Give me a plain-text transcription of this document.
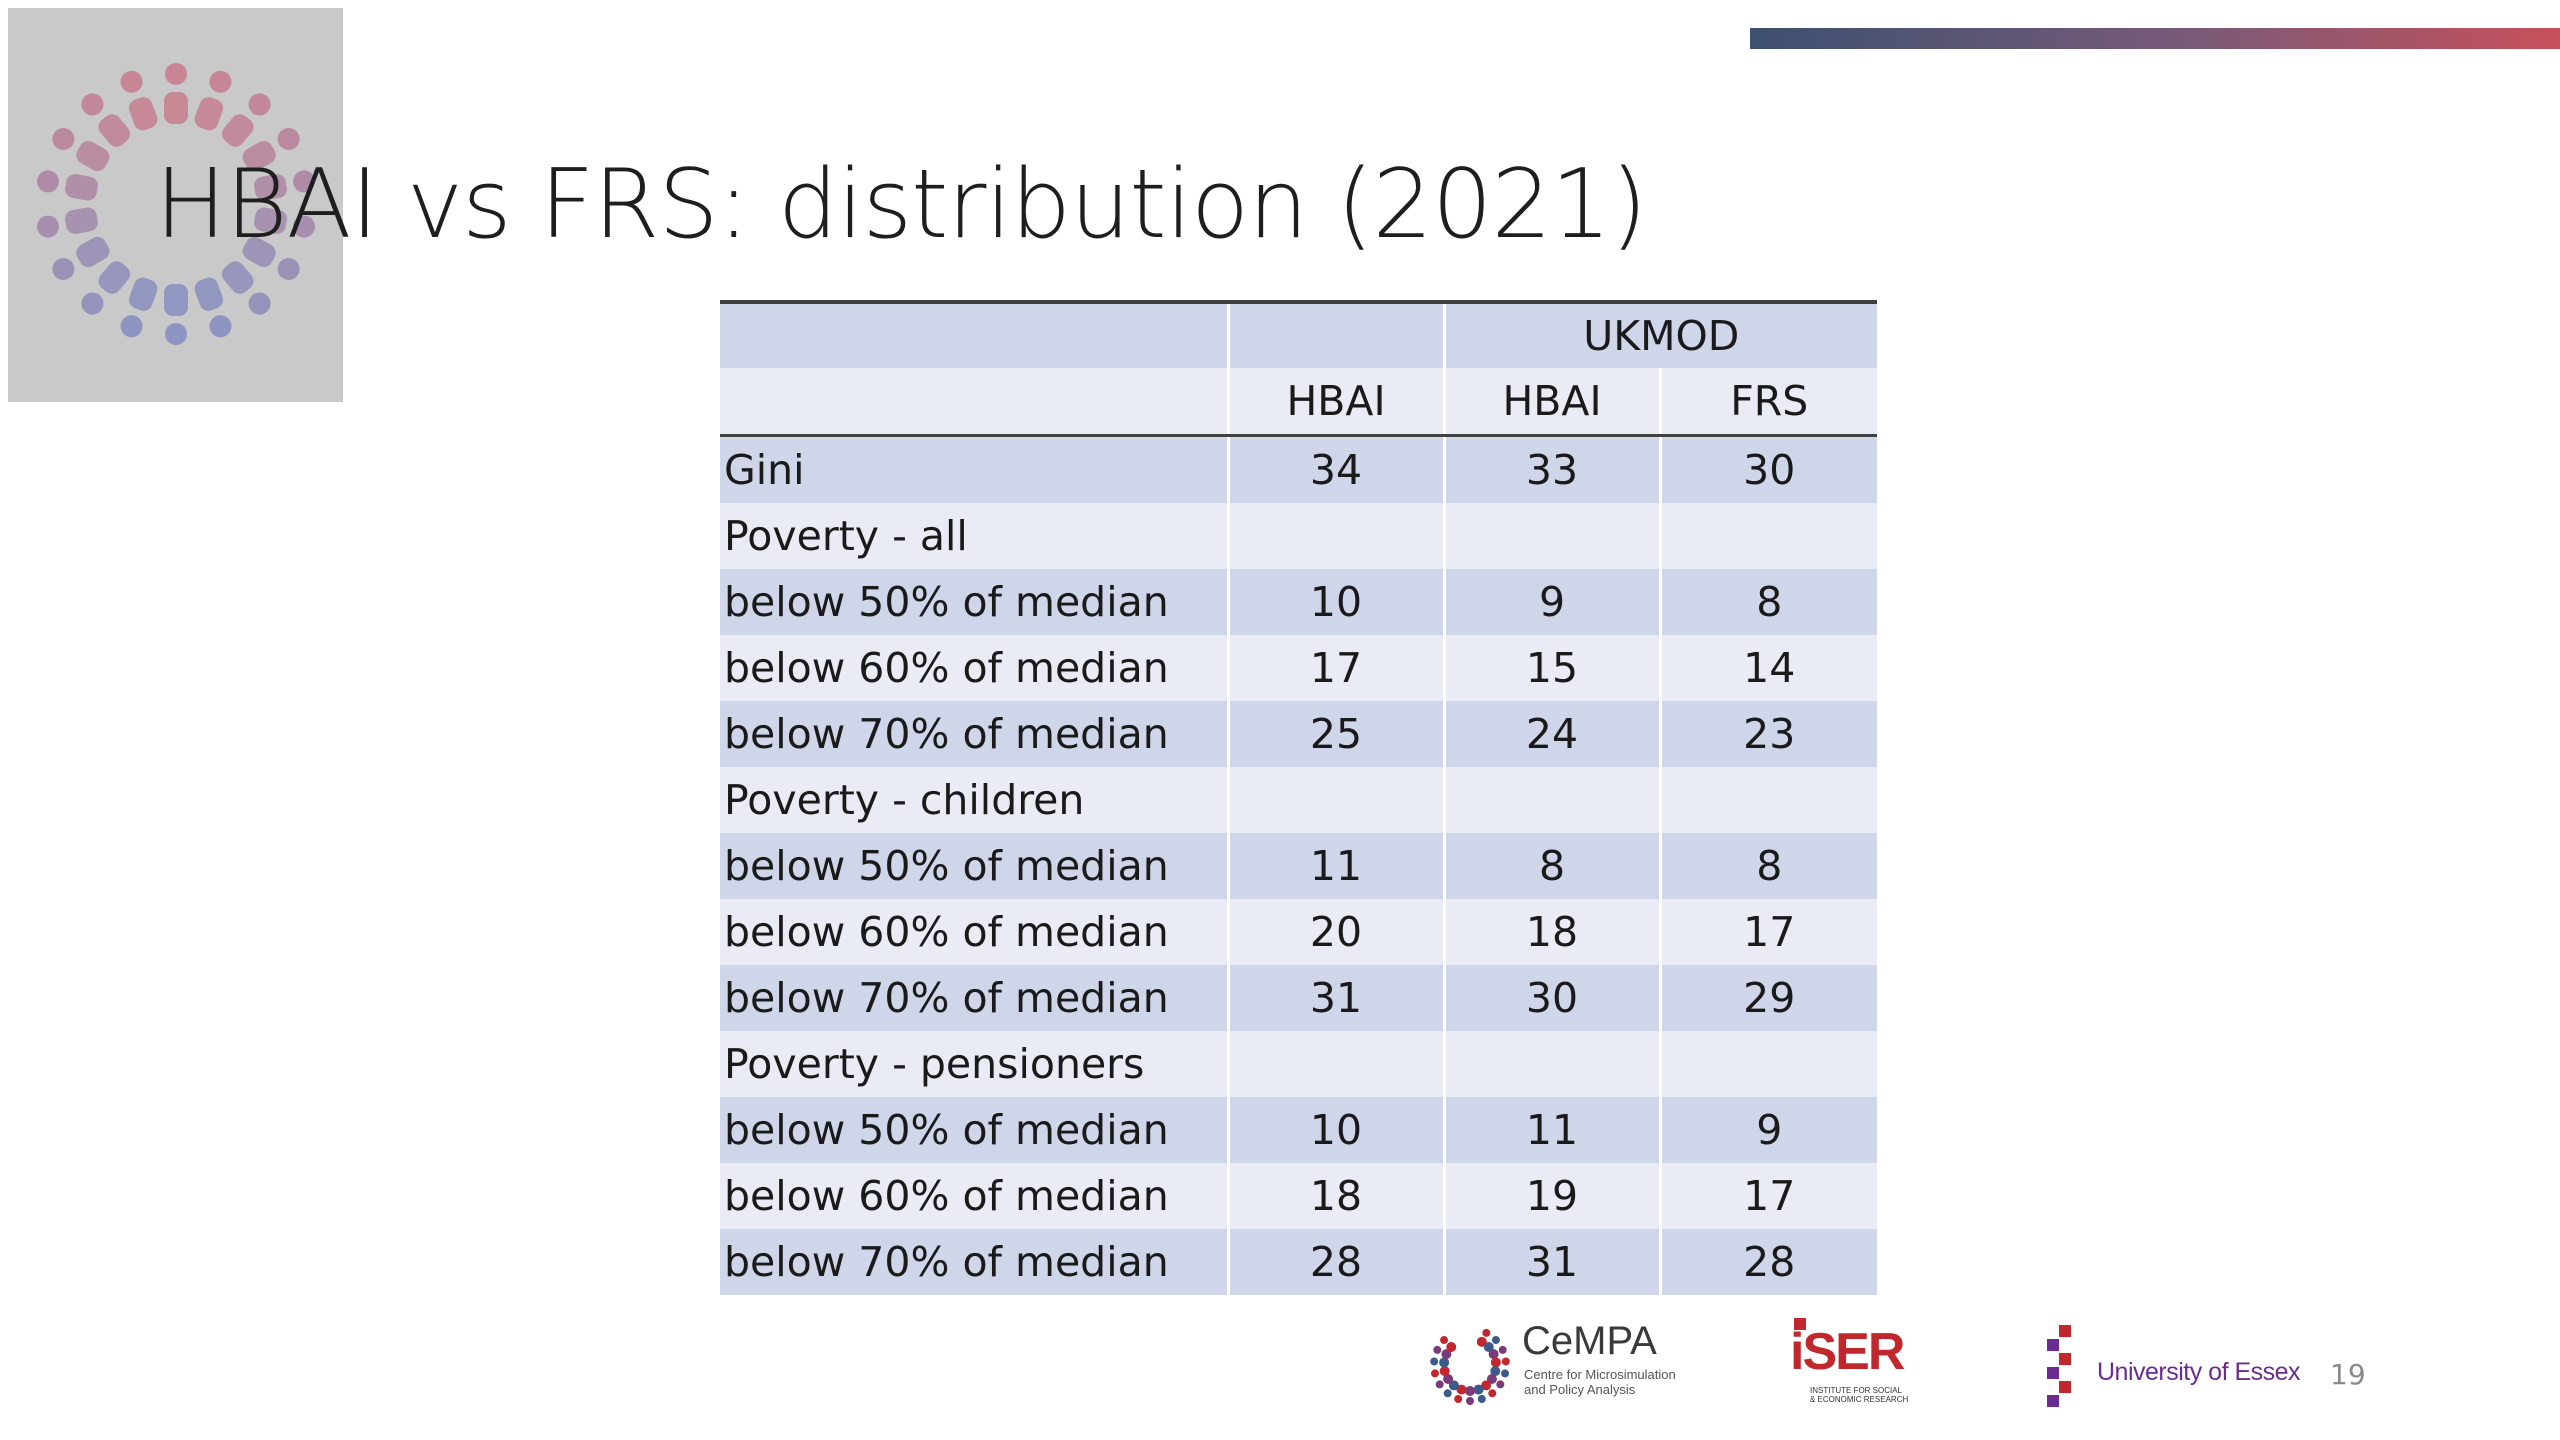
HBAI vs FRS: distribution (2021)
		UKMOD	
	HBAI	HBAI	FRS
Gini	34	33	30
Poverty - all			
below 50% of median	10	9	8
below 60% of median	17	15	14
below 70% of median	25	24	23
Poverty - children			
below 50% of median	11	8	8
below 60% of median	20	18	17
below 70% of median	31	30	29
Poverty - pensioners			
below 50% of median	10	11	9
below 60% of median	18	19	17
below 70% of median	28	31	28
CeMPA
Centre for Microsimulation
and Policy Analysis
iSER
INSTITUTE FOR SOCIAL
& ECONOMIC RESEARCH
University of Essex 19
